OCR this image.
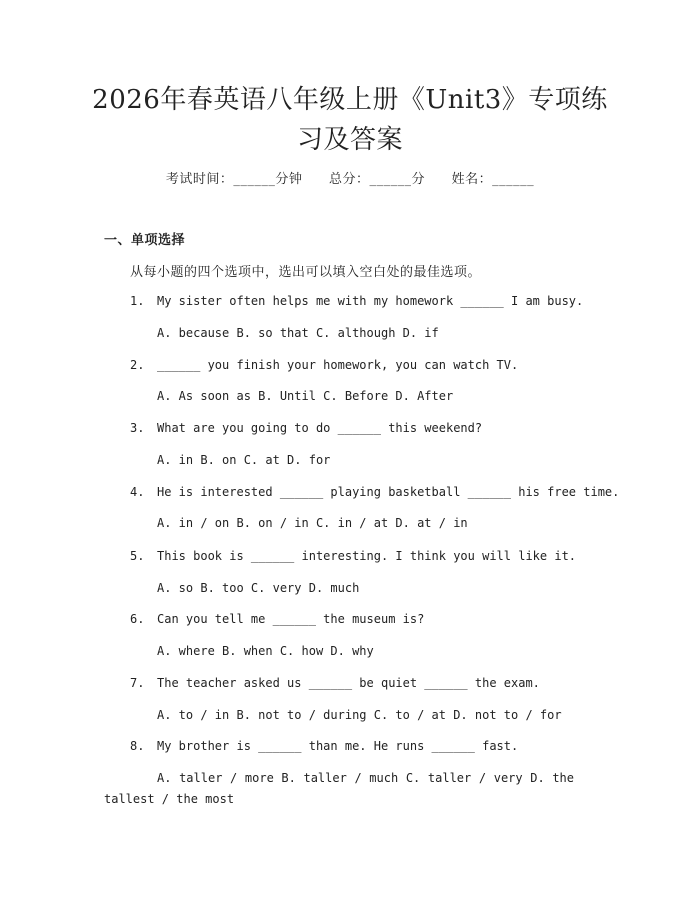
2026年春英语八年级上册《Unit3》专项练
习及答案
考试时间：______分钟 总分：______分 姓名：______
一、单项选择
从每小题的四个选项中，选出可以填入空白处的最佳选项。
1. My sister often helps me with my homework ______ I am busy.
A. because B. so that C. although D. if
2. ______ you finish your homework, you can watch TV.
A. As soon as B. Until C. Before D. After
3. What are you going to do ______ this weekend?
A. in B. on C. at D. for
4. He is interested ______ playing basketball ______ his free time.
A. in / on B. on / in C. in / at D. at / in
5. This book is ______ interesting. I think you will like it.
A. so B. too C. very D. much
6. Can you tell me ______ the museum is?
A. where B. when C. how D. why
7. The teacher asked us ______ be quiet ______ the exam.
A. to / in B. not to / during C. to / at D. not to / for
8. My brother is ______ than me. He runs ______ fast.
A. taller / more B. taller / much C. taller / very D. the tallest / the most
